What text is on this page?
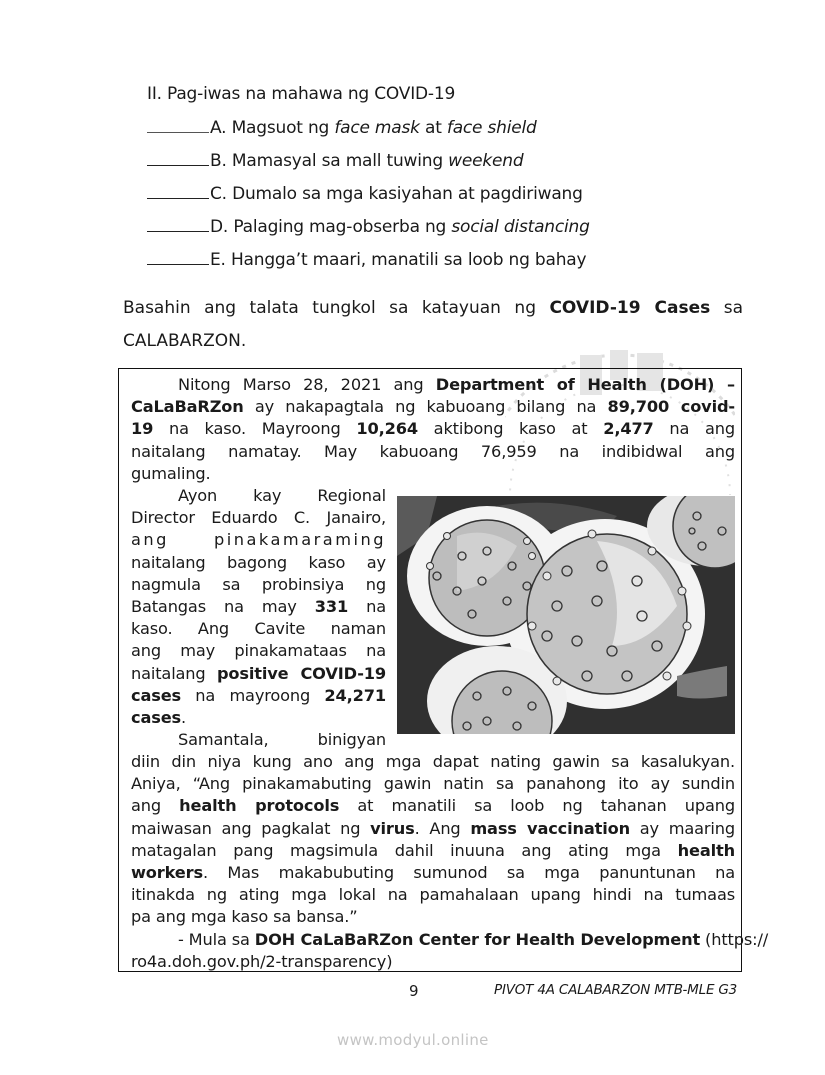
II. Pag-iwas na mahawa ng COVID-19
A. Magsuot ng face mask at face shield
B. Mamasyal sa mall tuwing weekend
C. Dumalo sa mga kasiyahan at pagdiriwang
D. Palaging mag-obserba ng social distancing
E. Hangga’t maari, manatili sa loob ng bahay
Basahin ang talata tungkol sa katayuan ng COVID-19 Cases sa
CALABARZON.
Nitong Marso 28, 2021 ang Department of Health (DOH) –
CaLaBaRZon ay nakapagtala ng kabuoang bilang na 89,700 covid-
19 na kaso. Mayroong 10,264 aktibong kaso at 2,477 na ang
naitalang namatay. May kabuoang 76,959 na indibidwal ang
gumaling.
Ayon kay Regional
Director Eduardo C. Janairo,
ang pinakamaraming
naitalang bagong kaso ay
nagmula sa probinsiya ng
Batangas na may 331 na
kaso. Ang Cavite naman
ang may pinakamataas na
naitalang positive COVID-19
cases na mayroong 24,271
cases.
Samantala, binigyan
diin din niya kung ano ang mga dapat nating gawin sa kasalukyan.
Aniya, “Ang pinakamabuting gawin natin sa panahong ito ay sundin
ang health protocols at manatili sa loob ng tahanan upang
maiwasan ang pagkalat ng virus. Ang mass vaccination ay maaring
matagalan pang magsimula dahil inuuna ang ating mga health
workers. Mas makabubuting sumunod sa mga panuntunan na
itinakda ng ating mga lokal na pamahalaan upang hindi na tumaas
pa ang mga kaso sa bansa.”
- Mula sa DOH CaLaBaRZon Center for Health Development (https://
ro4a.doh.gov.ph/2-transparency)
9	PIVOT 4A CALABARZON MTB-MLE G3
www.modyul.online
